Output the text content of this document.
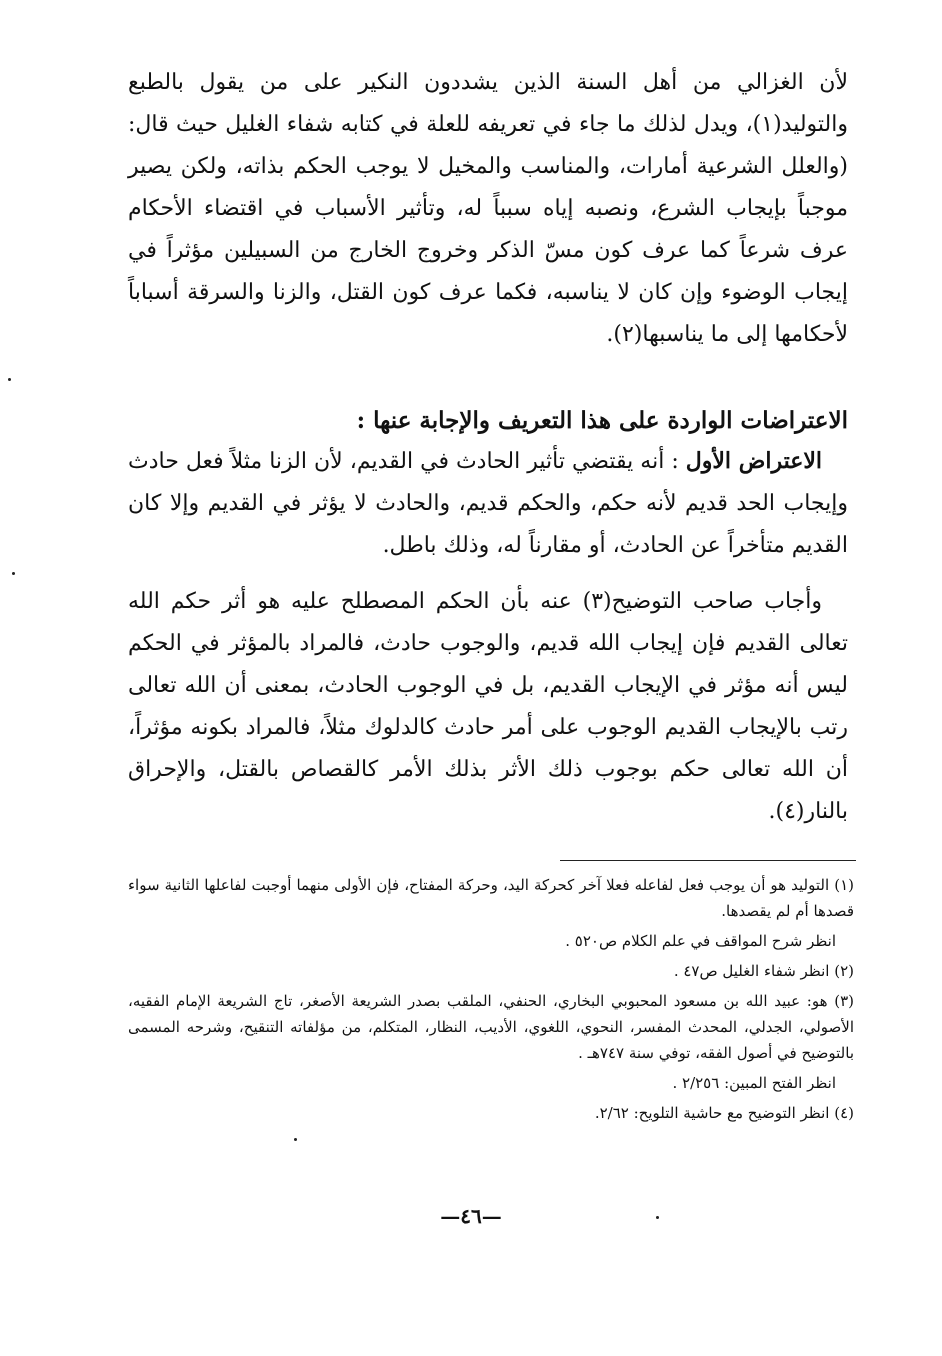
لأن الغزالي من أهل السنة الذين يشددون النكير على من يقول بالطبع والتوليد(١)، ويدل لذلك ما جاء في تعريفه للعلة في كتابه شفاء الغليل حيث قال: (والعلل الشرعية أمارات، والمناسب والمخيل لا يوجب الحكم بذاته، ولكن يصير موجباً بإيجاب الشرع، ونصبه إياه سبباً له، وتأثير الأسباب في اقتضاء الأحكام عرف شرعاً كما عرف كون مسّ الذكر وخروج الخارج من السبيلين مؤثراً في إيجاب الوضوء وإن كان لا يناسبه، فكما عرف كون القتل، والزنا والسرقة أسباباً لأحكامها إلى ما يناسبها(٢).

الاعتراضات الواردة على هذا التعريف والإجابة عنها :

الاعتراض الأول : أنه يقتضي تأثير الحادث في القديم، لأن الزنا مثلاً فعل حادث وإيجاب الحد قديم لأنه حكم، والحكم قديم، والحادث لا يؤثر في القديم وإلا كان القديم متأخراً عن الحادث، أو مقارناً له، وذلك باطل.

وأجاب صاحب التوضيح(٣) عنه بأن الحكم المصطلح عليه هو أثر حكم الله تعالى القديم فإن إيجاب الله قديم، والوجوب حادث، فالمراد بالمؤثر في الحكم ليس أنه مؤثر في الإيجاب القديم، بل في الوجوب الحادث، بمعنى أن الله تعالى رتب بالإيجاب القديم الوجوب على أمر حادث كالدلوك مثلاً، فالمراد بكونه مؤثراً، أن الله تعالى حكم بوجوب ذلك الأثر بذلك الأمر كالقصاص بالقتل، والإحراق بالنار(٤).

(١) التوليد هو أن يوجب فعل لفاعله فعلا آخر كحركة اليد، وحركة المفتاح، فإن الأولى منهما أوجبت لفاعلها الثانية سواء قصدها أم لم يقصدها.

انظر شرح المواقف في علم الكلام ص٥٢٠ .

(٢) انظر شفاء الغليل ص٤٧ .

(٣) هو: عبيد الله بن مسعود المحبوبي البخاري، الحنفي، الملقب بصدر الشريعة الأصغر، تاج الشريعة الإمام الفقيه، الأصولي، الجدلي، المحدث المفسر، النحوي، اللغوي، الأديب، النظار، المتكلم، من مؤلفاته التنقيح، وشرحه المسمى بالتوضيح في أصول الفقه، توفي سنة ٧٤٧هـ .

انظر الفتح المبين: ٢/٢٥٦ .

(٤) انظر التوضيح مع حاشية التلويح: ٢/٦٢.

—٤٦—
